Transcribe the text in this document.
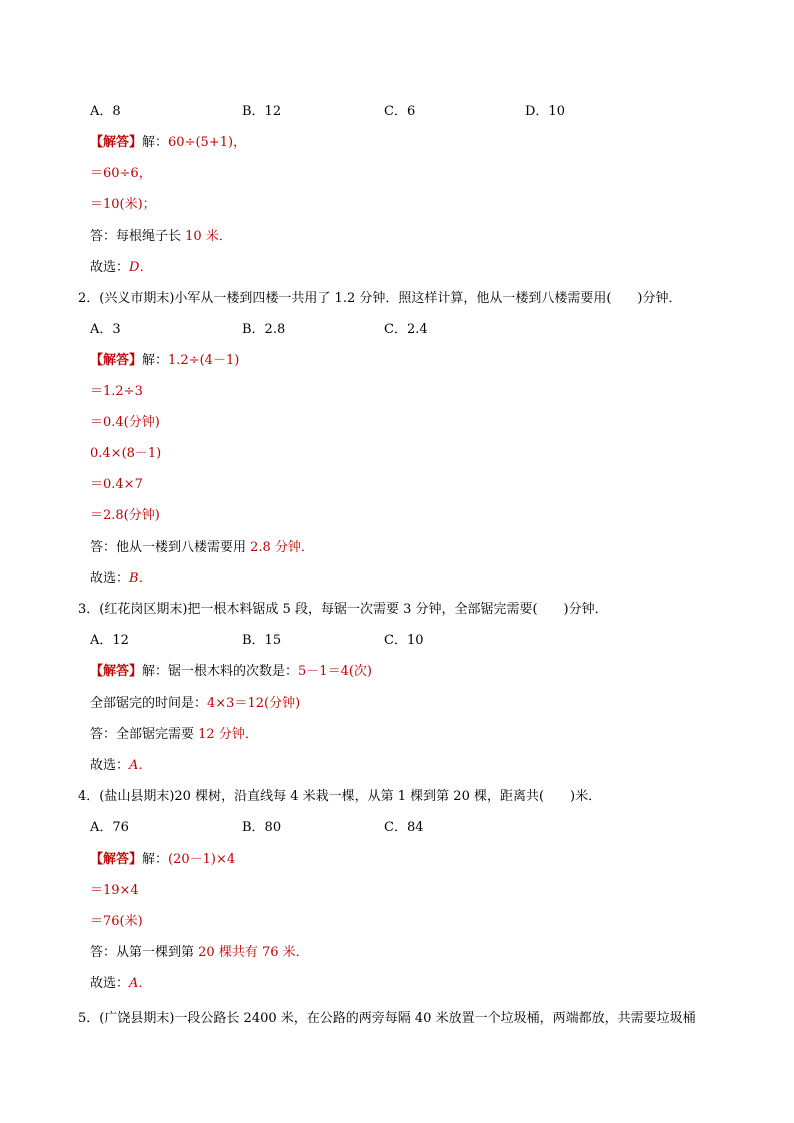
A．8	B．12	C．6	D．10
【解答】解：60÷(5+1)，
＝60÷6，
＝10(米)；
答：每根绳子长 10 米．
故选：D．
2．(兴义市期末)小军从一楼到四楼一共用了 1.2 分钟．照这样计算，他从一楼到八楼需要用(　　)分钟．
A．3	B．2.8	C．2.4
【解答】解：1.2÷(4－1)
＝1.2÷3
＝0.4(分钟)
0.4×(8－1)
＝0.4×7
＝2.8(分钟)
答：他从一楼到八楼需要用 2.8 分钟．
故选：B．
3．(红花岗区期末)把一根木料锯成 5 段，每锯一次需要 3 分钟，全部锯完需要(　　)分钟．
A．12	B．15	C．10
【解答】解：锯一根木料的次数是：5－1＝4(次)
全部锯完的时间是：4×3＝12(分钟)
答：全部锯完需要 12 分钟．
故选：A．
4．(盐山县期末)20 棵树，沿直线每 4 米栽一棵，从第 1 棵到第 20 棵，距离共(　　)米．
A．76	B．80	C．84
【解答】解：(20－1)×4
＝19×4
＝76(米)
答：从第一棵到第 20 棵共有 76 米．
故选：A．
5．(广饶县期末)一段公路长 2400 米，在公路的两旁每隔 40 米放置一个垃圾桶，两端都放，共需要垃圾桶
